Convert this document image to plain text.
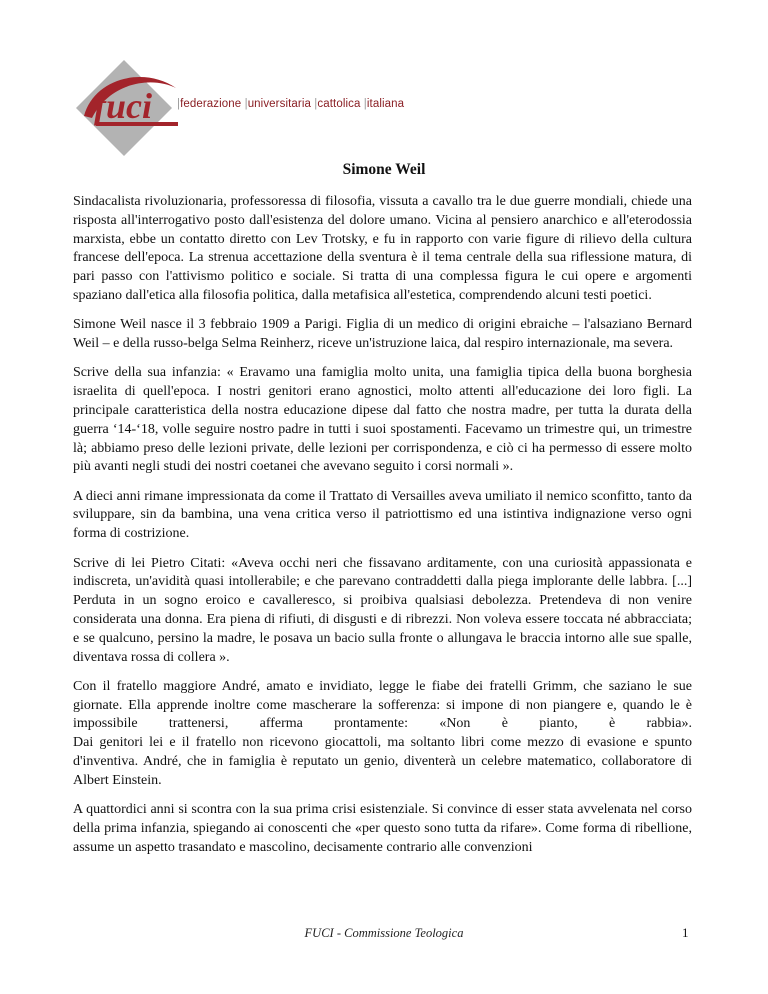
fuci |federazione |universitaria |cattolica |italiana
Simone Weil

Sindacalista rivoluzionaria, professoressa di filosofia, vissuta a cavallo tra le due guerre mondiali, chiede una risposta all'interrogativo posto dall'esistenza del dolore umano. Vicina al pensiero anarchico e all'eterodossia marxista, ebbe un contatto diretto con Lev Trotsky, e fu in rapporto con varie figure di rilievo della cultura francese dell'epoca. La strenua accettazione della sventura è il tema centrale della sua riflessione matura, di pari passo con l'attivismo politico e sociale. Si tratta di una complessa figura le cui opere e argomenti spaziano dall'etica alla filosofia politica, dalla metafisica all'estetica, comprendendo alcuni testi poetici.

Simone Weil nasce il 3 febbraio 1909 a Parigi. Figlia di un medico di origini ebraiche – l'alsaziano Bernard Weil – e della russo-belga Selma Reinherz, riceve un'istruzione laica, dal respiro internazionale, ma severa.

Scrive della sua infanzia: « Eravamo una famiglia molto unita, una famiglia tipica della buona borghesia israelita di quell'epoca. I nostri genitori erano agnostici, molto attenti all'educazione dei loro figli. La principale caratteristica della nostra educazione dipese dal fatto che nostra madre, per tutta la durata della guerra ‘14-‘18, volle seguire nostro padre in tutti i suoi spostamenti. Facevamo un trimestre qui, un trimestre là; abbiamo preso delle lezioni private, delle lezioni per corrispondenza, e ciò ci ha permesso di essere molto più avanti negli studi dei nostri coetanei che avevano seguito i corsi normali ».

A dieci anni rimane impressionata da come il Trattato di Versailles aveva umiliato il nemico sconfitto, tanto da sviluppare, sin da bambina, una vena critica verso il patriottismo ed una istintiva indignazione verso ogni forma di costrizione.

Scrive di lei Pietro Citati: «Aveva occhi neri che fissavano arditamente, con una curiosità appassionata e indiscreta, un'avidità quasi intollerabile; e che parevano contraddetti dalla piega implorante delle labbra. [...] Perduta in un sogno eroico e cavalleresco, si proibiva qualsiasi debolezza. Pretendeva di non venire considerata una donna. Era piena di rifiuti, di disgusti e di ribrezzi. Non voleva essere toccata né abbracciata; e se qualcuno, persino la madre, le posava un bacio sulla fronte o allungava le braccia intorno alle sue spalle, diventava rossa di collera ».

Con il fratello maggiore André, amato e invidiato, legge le fiabe dei fratelli Grimm, che saziano le sue giornate. Ella apprende inoltre come mascherare la sofferenza: si impone di non piangere e, quando le è impossibile trattenersi, afferma prontamente: «Non è pianto, è rabbia».

Dai genitori lei e il fratello non ricevono giocattoli, ma soltanto libri come mezzo di evasione e spunto d'inventiva. André, che in famiglia è reputato un genio, diventerà un celebre matematico, collaboratore di Albert Einstein.

A quattordici anni si scontra con la sua prima crisi esistenziale. Si convince di esser stata avvelenata nel corso della prima infanzia, spiegando ai conoscenti che «per questo sono tutta da rifare». Come forma di ribellione, assume un aspetto trasandato e mascolino, decisamente contrario alle convenzioni

FUCI - Commissione Teologica	1
